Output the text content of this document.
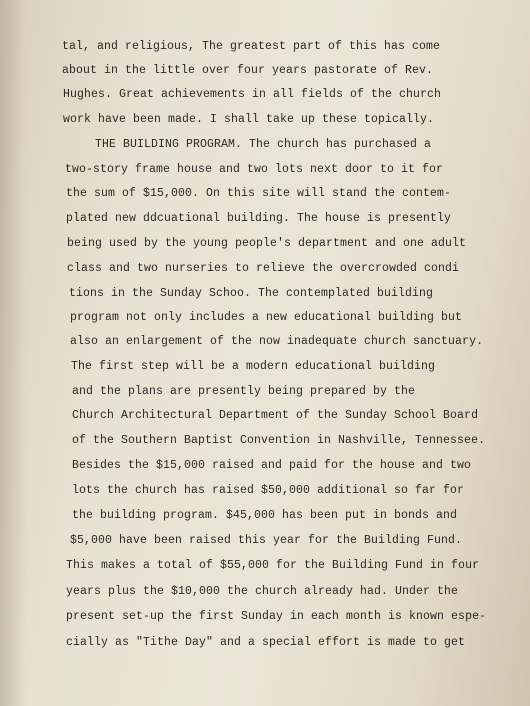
tal, and religious, The greatest part of this has come
about in the little over four years pastorate of Rev.
Hughes. Great achievements in all fields of the church
work have been made. I shall take up these topically.
THE BUILDING PROGRAM. The church has purchased a
two-story frame house and two lots next door to it for
the sum of $15,000. On this site will stand the contem-
plated new ddcuational building. The house is presently
being used by the young people's department and one adult
class and two nurseries to relieve the overcrowded condi
tions in the Sunday Schoo. The contemplated building
program not only includes a new educational building but
also an enlargement of the now inadequate church sanctuary.
The first step will be a modern educational building
and the plans are presently being prepared by the
Church Architectural Department of the Sunday School Board
of the Southern Baptist Convention in Nashville, Tennessee.
Besides the $15,000 raised and paid for the house and two
lots the church has raised $50,000 additional so far for
the building program. $45,000 has been put in bonds and
$5,000 have been raised this year for the Building Fund.
This makes a total of $55,000 for the Building Fund in four
years plus the $10,000 the church already had. Under the
present set-up the first Sunday in each month is known espe-
cially as "Tithe Day" and a special effort is made to get
